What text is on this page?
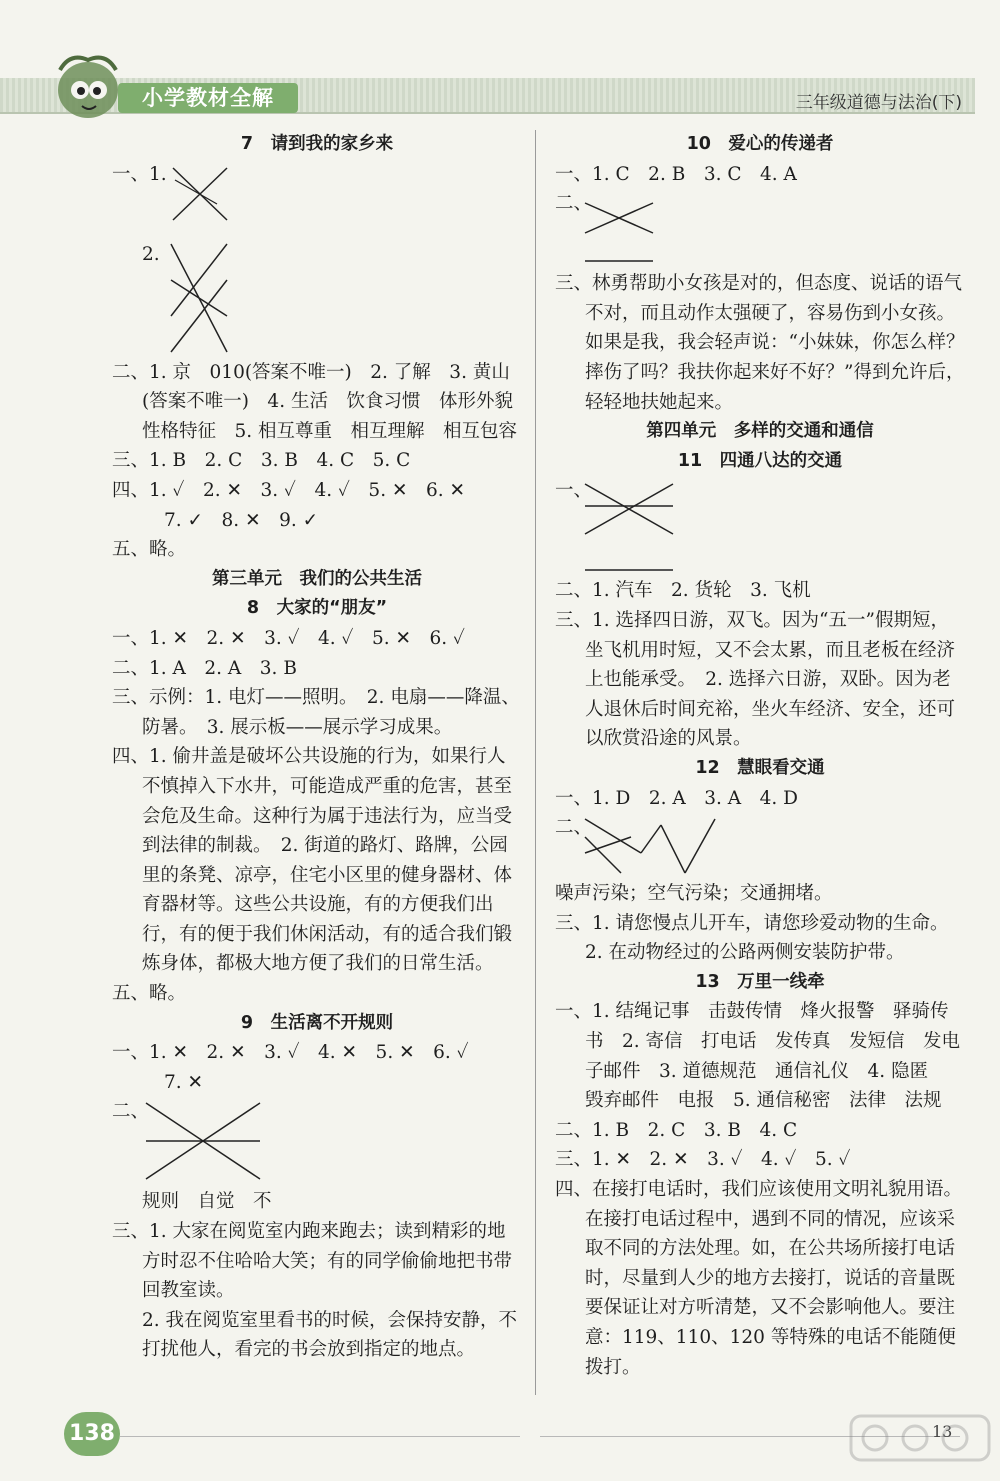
小学教材全解	三年级道德与法治(下)
7　请到我的家乡来
一、1.
2.
二、1. 京　010(答案不唯一)　2. 了解　3. 黄山(答案不唯一)　4. 生活　饮食习惯　体形外貌　性格特征　5. 相互尊重　相互理解　相互包容
三、1. B　2. C　3. B　4. C　5. C
四、1. ✓　2. ✕　3. ✓　4. ✓　5. ✕　6. ✕
7. ✓　8. ✕　9. ✓
五、略。
第三单元　我们的公共生活
8　大家的“朋友”
一、1. ✕　2. ✕　3. ✓　4. ✓　5. ✕　6. ✓
二、1. A　2. A　3. B
三、示例：1. 电灯——照明。　2. 电扇——降温、防暑。　3. 展示板——展示学习成果。
四、1. 偷井盖是破坏公共设施的行为，如果行人不慎掉入下水井，可能造成严重的危害，甚至会危及生命。这种行为属于违法行为，应当受到法律的制裁。　2. 街道的路灯、路牌，公园里的条凳、凉亭，住宅小区里的健身器材、体育器材等。这些公共设施，有的方便我们出行，有的便于我们休闲活动，有的适合我们锻炼身体，都极大地方便了我们的日常生活。
五、略。
9　生活离不开规则
一、1. ✕　2. ✕　3. ✓　4. ✕　5. ✕　6. ✓
7. ✕
二、
规则　自觉　不
三、1. 大家在阅览室内跑来跑去；读到精彩的地方时忍不住哈哈大笑；有的同学偷偷地把书带回教室读。
2. 我在阅览室里看书的时候，会保持安静，不打扰他人，看完的书会放到指定的地点。
10　爱心的传递者
一、1. C　2. B　3. C　4. A
二、
三、林勇帮助小女孩是对的，但态度、说话的语气不对，而且动作太强硬了，容易伤到小女孩。如果是我，我会轻声说：“小妹妹，你怎么样？摔伤了吗？我扶你起来好不好？”得到允许后，轻轻地扶她起来。
第四单元　多样的交通和通信
11　四通八达的交通
一、
二、1. 汽车　2. 货轮　3. 飞机
三、1. 选择四日游，双飞。因为“五一”假期短，坐飞机用时短，又不会太累，而且老板在经济上也能承受。　2. 选择六日游，双卧。因为老人退休后时间充裕，坐火车经济、安全，还可以欣赏沿途的风景。
12　慧眼看交通
一、1. D　2. A　3. A　4. D
二、
噪声污染；空气污染；交通拥堵。
三、1. 请您慢点儿开车，请您珍爱动物的生命。　2. 在动物经过的公路两侧安装防护带。
13　万里一线牵
一、1. 结绳记事　击鼓传情　烽火报警　驿骑传书　2. 寄信　打电话　发传真　发短信　发电子邮件　3. 道德规范　通信礼仪　4. 隐匿　毁弃邮件　电报　5. 通信秘密　法律　法规
二、1. B　2. C　3. B　4. C
三、1. ✕　2. ✕　3. ✓　4. ✓　5. ✓
四、在接打电话时，我们应该使用文明礼貌用语。在接打电话过程中，遇到不同的情况，应该采取不同的方法处理。如，在公共场所接打电话时，尽量到人少的地方去接打，说话的音量既要保证让对方听清楚，又不会影响他人。要注意：119、110、120 等特殊的电话不能随便拨打。
138	13
